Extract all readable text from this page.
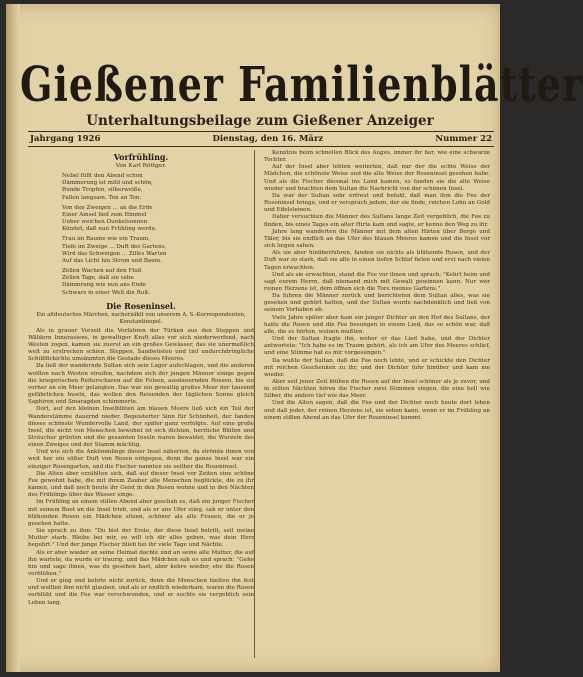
Gießener Familienblätter
Unterhaltungsbeilage zum Gießener Anzeiger
Jahrgang 1926	Dienstag, den 16. März	Nummer 22
Vorfrühling.
Von Karl Röttger.
Nebel füllt den Abend schon
Dämmerung ist mild und schön,
Runde Tropfen, silberweiße,
Fallen langsam. Ton an Ton.
Von den Zweigen ... an die Erde
Einer Amsel lied zum Himmel
Ueber weichen Dunkelsonnen
Kündet, daß nun Frühling werde.
Trau im Baume wie ein Traum,
Tiefe im Zweige ... Duft des Gartens,
Wird das Schweigen ... Zilles Warten
Auf das Licht hin Strom und Baum.
Zellen Wachen auf den Fluß
Zellen Tage, daß sie sehe
Dämmrung wie nun ans Ende
Schwarz in einer Welt die Ruß.
Die Roseninsel.
Ein altdeutsches Märchen, nacherzählt von unserem A. S.-Korrespondenten, Konstantinopel.

Als in grauer Vorzeit die Vorfahren der Türken aus den Steppen und Wäldern Innerasiens, in gewaltiger Kraft alles vor sich niederwerfend, nach Westen zogen, kamen sie zuerst an ein großes Gewässer, das sie unermeßlich weit zu erstrecken schien. Steppen, Sandwüsten und tief undurchdringliche Schilfdickichte umsäumten die Gestade dieses Meeres.

Da ließ der wandernde Sultan sich sein Lager aufschlagen, und die anderen wollten nach Westen streifen, nachdem sich der jungen Männer einige gegen die kriegerischen Reiterscharen auf die Felsen, ausdauernden Rossen, bis sie vorher an ein Meer gelangten. Das war ein gewaltig großes Meer der tausend gefährlichen Inseln, das wollen den Reisenden der täglichen Sonne gleich Saphiren und Smaragden schimmerte.

Dort, auf den kleinen Inselblüten am blauen Meere ließ sich ein Teil der Wanderstämme dauernd nieder. Begeisterter Sinn für Schönheit, der fanden dieses schönste Wundervolle Land, der später ganz verfolgte. Auf eine große Insel, die nicht von Menschen bewohnt ist sich dichten, herrliche Blüten und Sträucher grünten und die gesamten Inseln waren bewaldet, die Wurzeln des einen Zweiges und der Stamm mächtig.

Und wie sich die Ankömmlinge dieser Insel näherten, da strömte ihnen von weit her ein süßer Duft von Rosen entgegen, denn die ganze Insel war ein einziger Rosengarten, und die Fischer nannten sie seither die Roseninsel.

Die Alten aber erzählten sich, daß auf dieser Insel vor Zeiten eine schöne Fee gewohnt habe, die mit ihrem Zauber alle Menschen beglückte, die zu ihr kamen, und daß noch heute ihr Geist in den Rosen wohne und in den Nächten des Frühlings über das Wasser singe.

Im Frühling an einem stillen Abend aber geschah es, daß ein junger Fischer mit seinem Boot an die Insel trieb, und als er ans Ufer stieg, sah er unter den blühenden Rosen ein Mädchen sitzen, schöner als alle Frauen, die er je gesehen hatte.

Sie sprach zu ihm: "Du bist der Erste, der diese Insel betritt, seit meine Mutter starb. Bleibe bei mir, so will ich dir alles geben, was dein Herz begehrt." Und der junge Fischer blieb bei ihr viele Tage und Nächte.

Als er aber wieder an seine Heimat dachte und an seine alte Mutter, die auf ihn wartete, da wurde er traurig, und das Mädchen sah es und sprach: "Gehe hin und sage ihnen, was du gesehen hast, aber kehre wieder, ehe die Rosen verblühen."

Und er ging und kehrte nicht zurück, denn die Menschen hielten ihn fest und wollten ihm nicht glauben, und als er endlich wiederkam, waren die Rosen verblüht und die Fee war verschwunden, und er suchte sie vergeblich sein Leben lang.

Kenntnis beim schnellen Blick des Auges, immer ihr her, wie eine schwarze Tochter.

Auf der Insel aber lebten weiterhin, daß nur der die echte Weise der Mädchen, die schönste Weise und die alte Weise der Roseninsel gesehen habe. Und als die Fischer diesmal ins Land kamen, so fanden sie die alte Weise wieder und brachten dem Sultan die Nachricht von der schönen Insel.

Da war der Sultan sehr erfreut und befahl, daß man ihm die Fee der Roseninsel bringe, und er versprach jedem, der sie finde, reichen Lohn an Gold und Edelsteinen.

Daher versuchten die Männer des Sultans lange Zeit vergeblich, die Fee zu finden, bis eines Tages ein alter Hirte kam und sagte, er kenne den Weg zu ihr.

Jahre lang wanderten die Männer mit dem alten Hirten über Berge und Täler, bis sie endlich an das Ufer des blauen Meeres kamen und die Insel vor sich liegen sahen.

Als sie aber hinüberfuhren, fanden sie nichts als blühende Rosen, und der Duft war so stark, daß sie alle in einen tiefen Schlaf fielen und erst nach vielen Tagen erwachten.

Und als sie erwachten, stand die Fee vor ihnen und sprach: "Kehrt heim und sagt eurem Herrn, daß niemand mich mit Gewalt gewinnen kann. Nur wer reinen Herzens ist, dem öffnen sich die Tore meines Gartens."

Da fuhren die Männer zurück und berichteten dem Sultan alles, was sie gesehen und gehört hatten, und der Sultan wurde nachdenklich und ließ von seinem Vorhaben ab.

Viele Jahre später aber kam ein junger Dichter an den Hof des Sultans, der hatte die Rosen und die Fee besungen in einem Lied, das so schön war, daß alle, die es hörten, weinen mußten.

Und der Sultan fragte ihn, woher er das Lied habe, und der Dichter antwortete: "Ich habe es im Traum gehört, als ich am Ufer des Meeres schlief, und eine Stimme hat es mir vorgesungen."

Da wußte der Sultan, daß die Fee noch lebte, und er schickte den Dichter mit reichen Geschenken zu ihr, und der Dichter fuhr hinüber und kam nie wieder.

Aber seit jener Zeit blühen die Rosen auf der Insel schöner als je zuvor, und in stillen Nächten hören die Fischer zwei Stimmen singen, die eine hell wie Silber, die andere tief wie das Meer.

Und die Alten sagen, daß die Fee und der Dichter noch heute dort leben und daß jeder, der reinen Herzens ist, sie sehen kann, wenn er im Frühling an einem stillen Abend an das Ufer der Roseninsel kommt.
